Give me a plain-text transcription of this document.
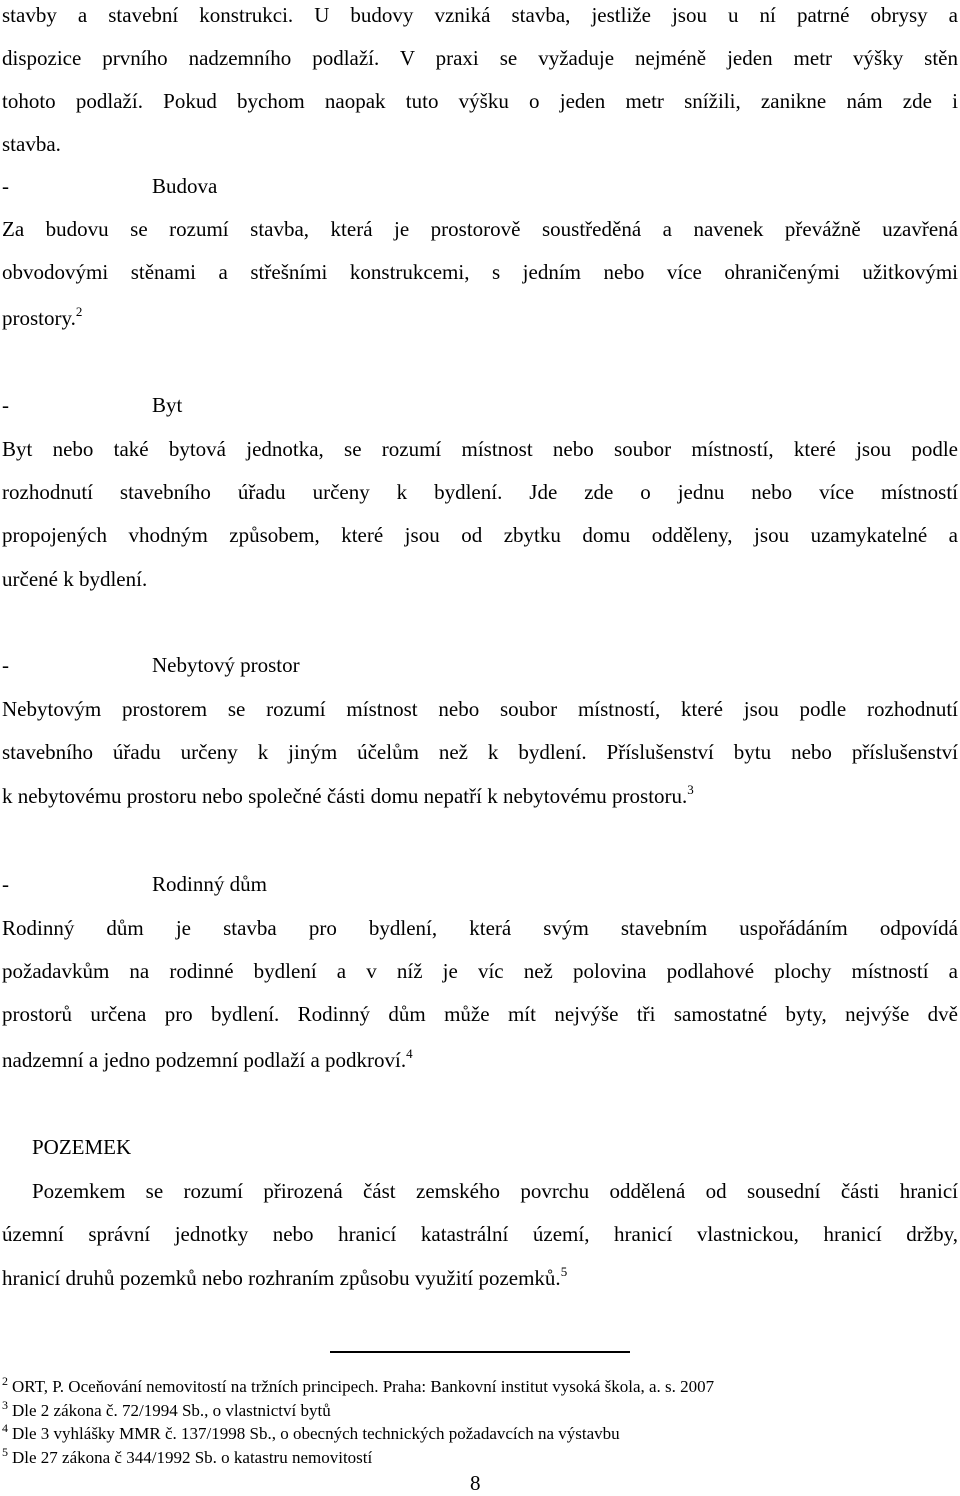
stavby a stavební konstrukci. U budovy vzniká stavba, jestliže jsou u ní patrné obrysy a
dispozice prvního nadzemního podlaží. V praxi se vyžaduje nejméně jeden metr výšky stěn
tohoto podlaží. Pokud bychom naopak tuto výšku o jeden metr snížili, zanikne nám zde i
stavba.
-	Budova
Za budovu se rozumí stavba, která je prostorově soustředěná a navenek převážně uzavřená
obvodovými stěnami a střešními konstrukcemi, s jedním nebo více ohraničenými užitkovými
prostory.$^2$
-	Byt
Byt nebo také bytová jednotka, se rozumí místnost nebo soubor místností, které jsou podle
rozhodnutí stavebního úřadu určeny k bydlení. Jde zde o jednu nebo více místností
propojených vhodným způsobem, které jsou od zbytku domu odděleny, jsou uzamykatelné a
určené k bydlení.
-	Nebytový prostor
Nebytovým prostorem se rozumí místnost nebo soubor místností, které jsou podle rozhodnutí
stavebního úřadu určeny k jiným účelům než k bydlení. Příslušenství bytu nebo příslušenství
k nebytovému prostoru nebo společné části domu nepatří k nebytovému prostoru.$^3$
-	Rodinný dům
Rodinný dům je stavba pro bydlení, která svým stavebním uspořádáním odpovídá
požadavkům na rodinné bydlení a v níž je víc než polovina podlahové plochy místností a
prostorů určena pro bydlení. Rodinný dům může mít nejvýše tři samostatné byty, nejvýše dvě
nadzemní a jedno podzemní podlaží a podkroví.$^4$
POZEMEK
Pozemkem se rozumí přirozená část zemského povrchu oddělená od sousední části hranicí
územní správní jednotky nebo hranicí katastrální území, hranicí vlastnickou, hranicí držby,
hranicí druhů pozemků nebo rozhraním způsobu využití pozemků.$^5$
$^2$ ORT, P. Oceňování nemovitostí na tržních principech. Praha: Bankovní institut vysoká škola, a. s. 2007
$^3$ Dle 2 zákona č. 72/1994 Sb., o vlastnictví bytů
$^4$ Dle 3 vyhlášky MMR č. 137/1998 Sb., o obecných technických požadavcích na výstavbu
$^5$ Dle 27 zákona č 344/1992 Sb. o katastru nemovitostí
8
